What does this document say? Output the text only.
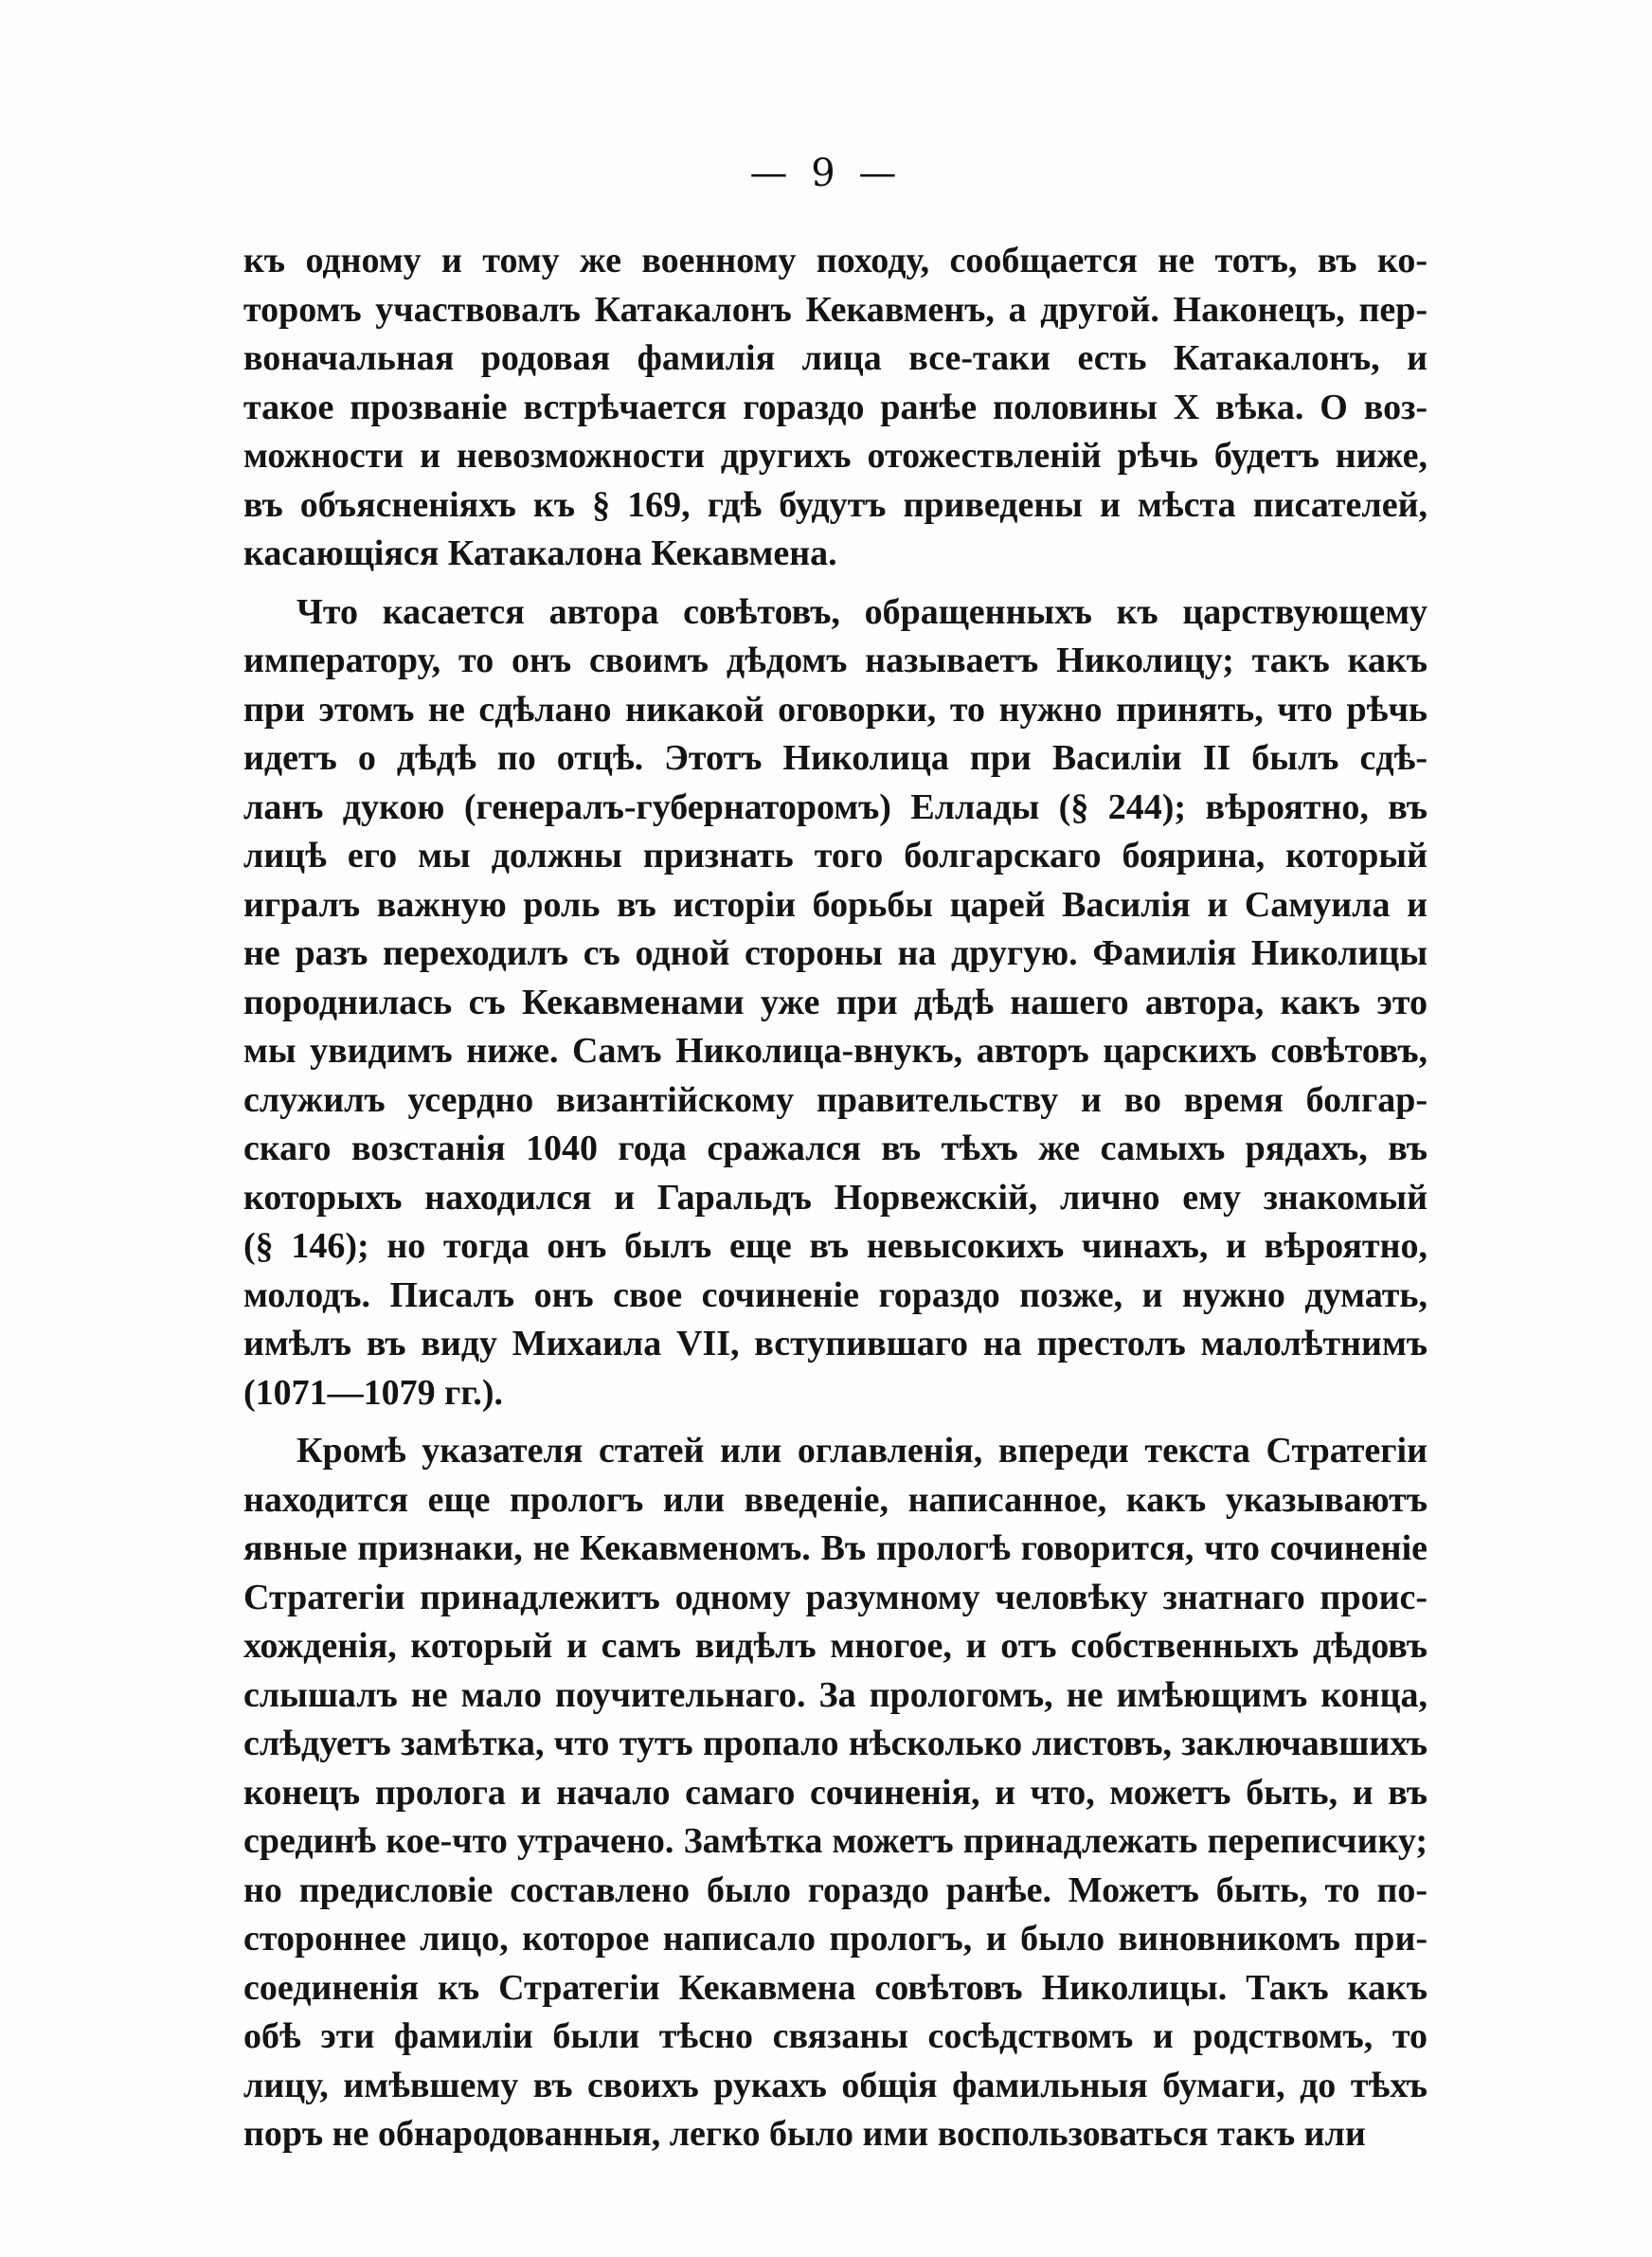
— 9 —
къ одному и тому же военному походу, сообщается не тотъ, въ ко-
торомъ участвовалъ Катакалонъ Кекавменъ, а другой. Наконецъ, пер-
воначальная родовая фамилія лица все-таки есть Катакалонъ, и
такое прозваніе встрѣчается гораздо ранѣе половины X вѣка. О воз-
можности и невозможности другихъ отожествленій рѣчь будетъ ниже,
въ объясненіяхъ къ § 169, гдѣ будутъ приведены и мѣста писателей,
касающіяся Катакалона Кекавмена.
Что касается автора совѣтовъ, обращенныхъ къ царствующему
императору, то онъ своимъ дѣдомъ называетъ Николицу; такъ какъ
при этомъ не сдѣлано никакой оговорки, то нужно принять, что рѣчь
идетъ о дѣдѣ по отцѣ. Этотъ Николица при Василіи II былъ сдѣ-
ланъ дукою (генералъ-губернаторомъ) Еллады (§ 244); вѣроятно, въ
лицѣ его мы должны признать того болгарскаго боярина, который
игралъ важную роль въ исторіи борьбы царей Василія и Самуила и
не разъ переходилъ съ одной стороны на другую. Фамилія Николицы
породнилась съ Кекавменами уже при дѣдѣ нашего автора, какъ это
мы увидимъ ниже. Самъ Николица-внукъ, авторъ царскихъ совѣтовъ,
служилъ усердно византійскому правительству и во время болгар-
скаго возстанія 1040 года сражался въ тѣхъ же самыхъ рядахъ, въ
которыхъ находился и Гаральдъ Норвежскій, лично ему знакомый
(§ 146); но тогда онъ былъ еще въ невысокихъ чинахъ, и вѣроятно,
молодъ. Писалъ онъ свое сочиненіе гораздо позже, и нужно думать,
имѣлъ въ виду Михаила VII, вступившаго на престолъ малолѣтнимъ
(1071—1079 гг.).
Кромѣ указателя статей или оглавленія, впереди текста Стратегіи
находится еще прологъ или введеніе, написанное, какъ указываютъ
явные признаки, не Кекавменомъ. Въ прологѣ говорится, что сочиненіе
Стратегіи принадлежитъ одному разумному человѣку знатнаго проис-
хожденія, который и самъ видѣлъ многое, и отъ собственныхъ дѣдовъ
слышалъ не мало поучительнаго. За прологомъ, не имѣющимъ конца,
слѣдуетъ замѣтка, что тутъ пропало нѣсколько листовъ, заключавшихъ
конецъ пролога и начало самаго сочиненія, и что, можетъ быть, и въ
срединѣ кое-что утрачено. Замѣтка можетъ принадлежать переписчику;
но предисловіе составлено было гораздо ранѣе. Можетъ быть, то по-
стороннее лицо, которое написало прологъ, и было виновникомъ при-
соединенія къ Стратегіи Кекавмена совѣтовъ Николицы. Такъ какъ
обѣ эти фамиліи были тѣсно связаны сосѣдствомъ и родствомъ, то
лицу, имѣвшему въ своихъ рукахъ общія фамильныя бумаги, до тѣхъ
поръ не обнародованныя, легко было ими воспользоваться такъ или
